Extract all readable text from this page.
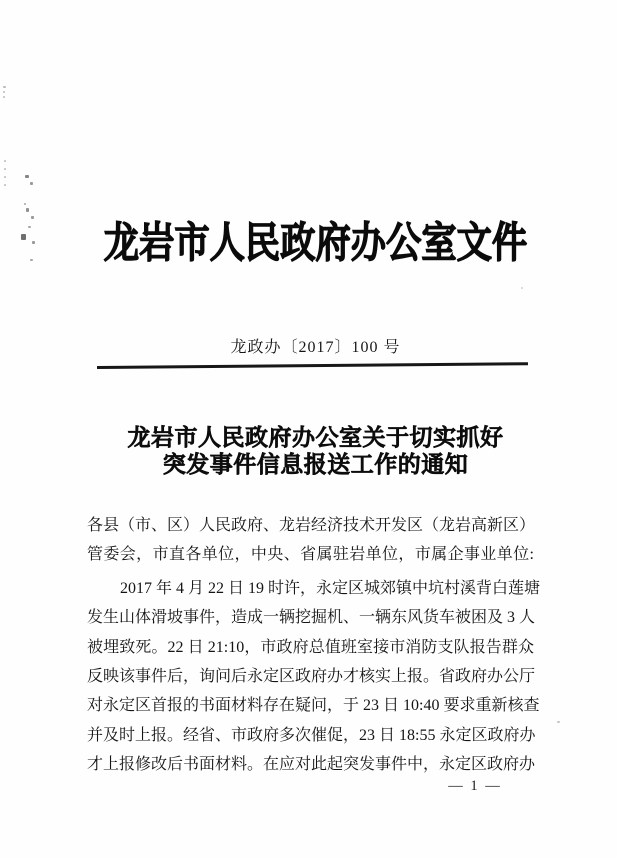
龙岩市人民政府办公室文件
龙政办〔2017〕100 号
龙岩市人民政府办公室关于切实抓好
突发事件信息报送工作的通知
各县（市、区）人民政府、龙岩经济技术开发区（龙岩高新区）
管委会，市直各单位，中央、省属驻岩单位，市属企事业单位:
2017 年 4 月 22 日 19 时许，永定区城郊镇中坑村溪背白莲塘
发生山体滑坡事件，造成一辆挖掘机、一辆东风货车被困及 3 人
被埋致死。22 日 21:10，市政府总值班室接市消防支队报告群众
反映该事件后，询问后永定区政府办才核实上报。省政府办公厅
对永定区首报的书面材料存在疑问，于 23 日 10:40 要求重新核查
并及时上报。经省、市政府多次催促，23 日 18:55 永定区政府办
才上报修改后书面材料。在应对此起突发事件中，永定区政府办
— 1 —
